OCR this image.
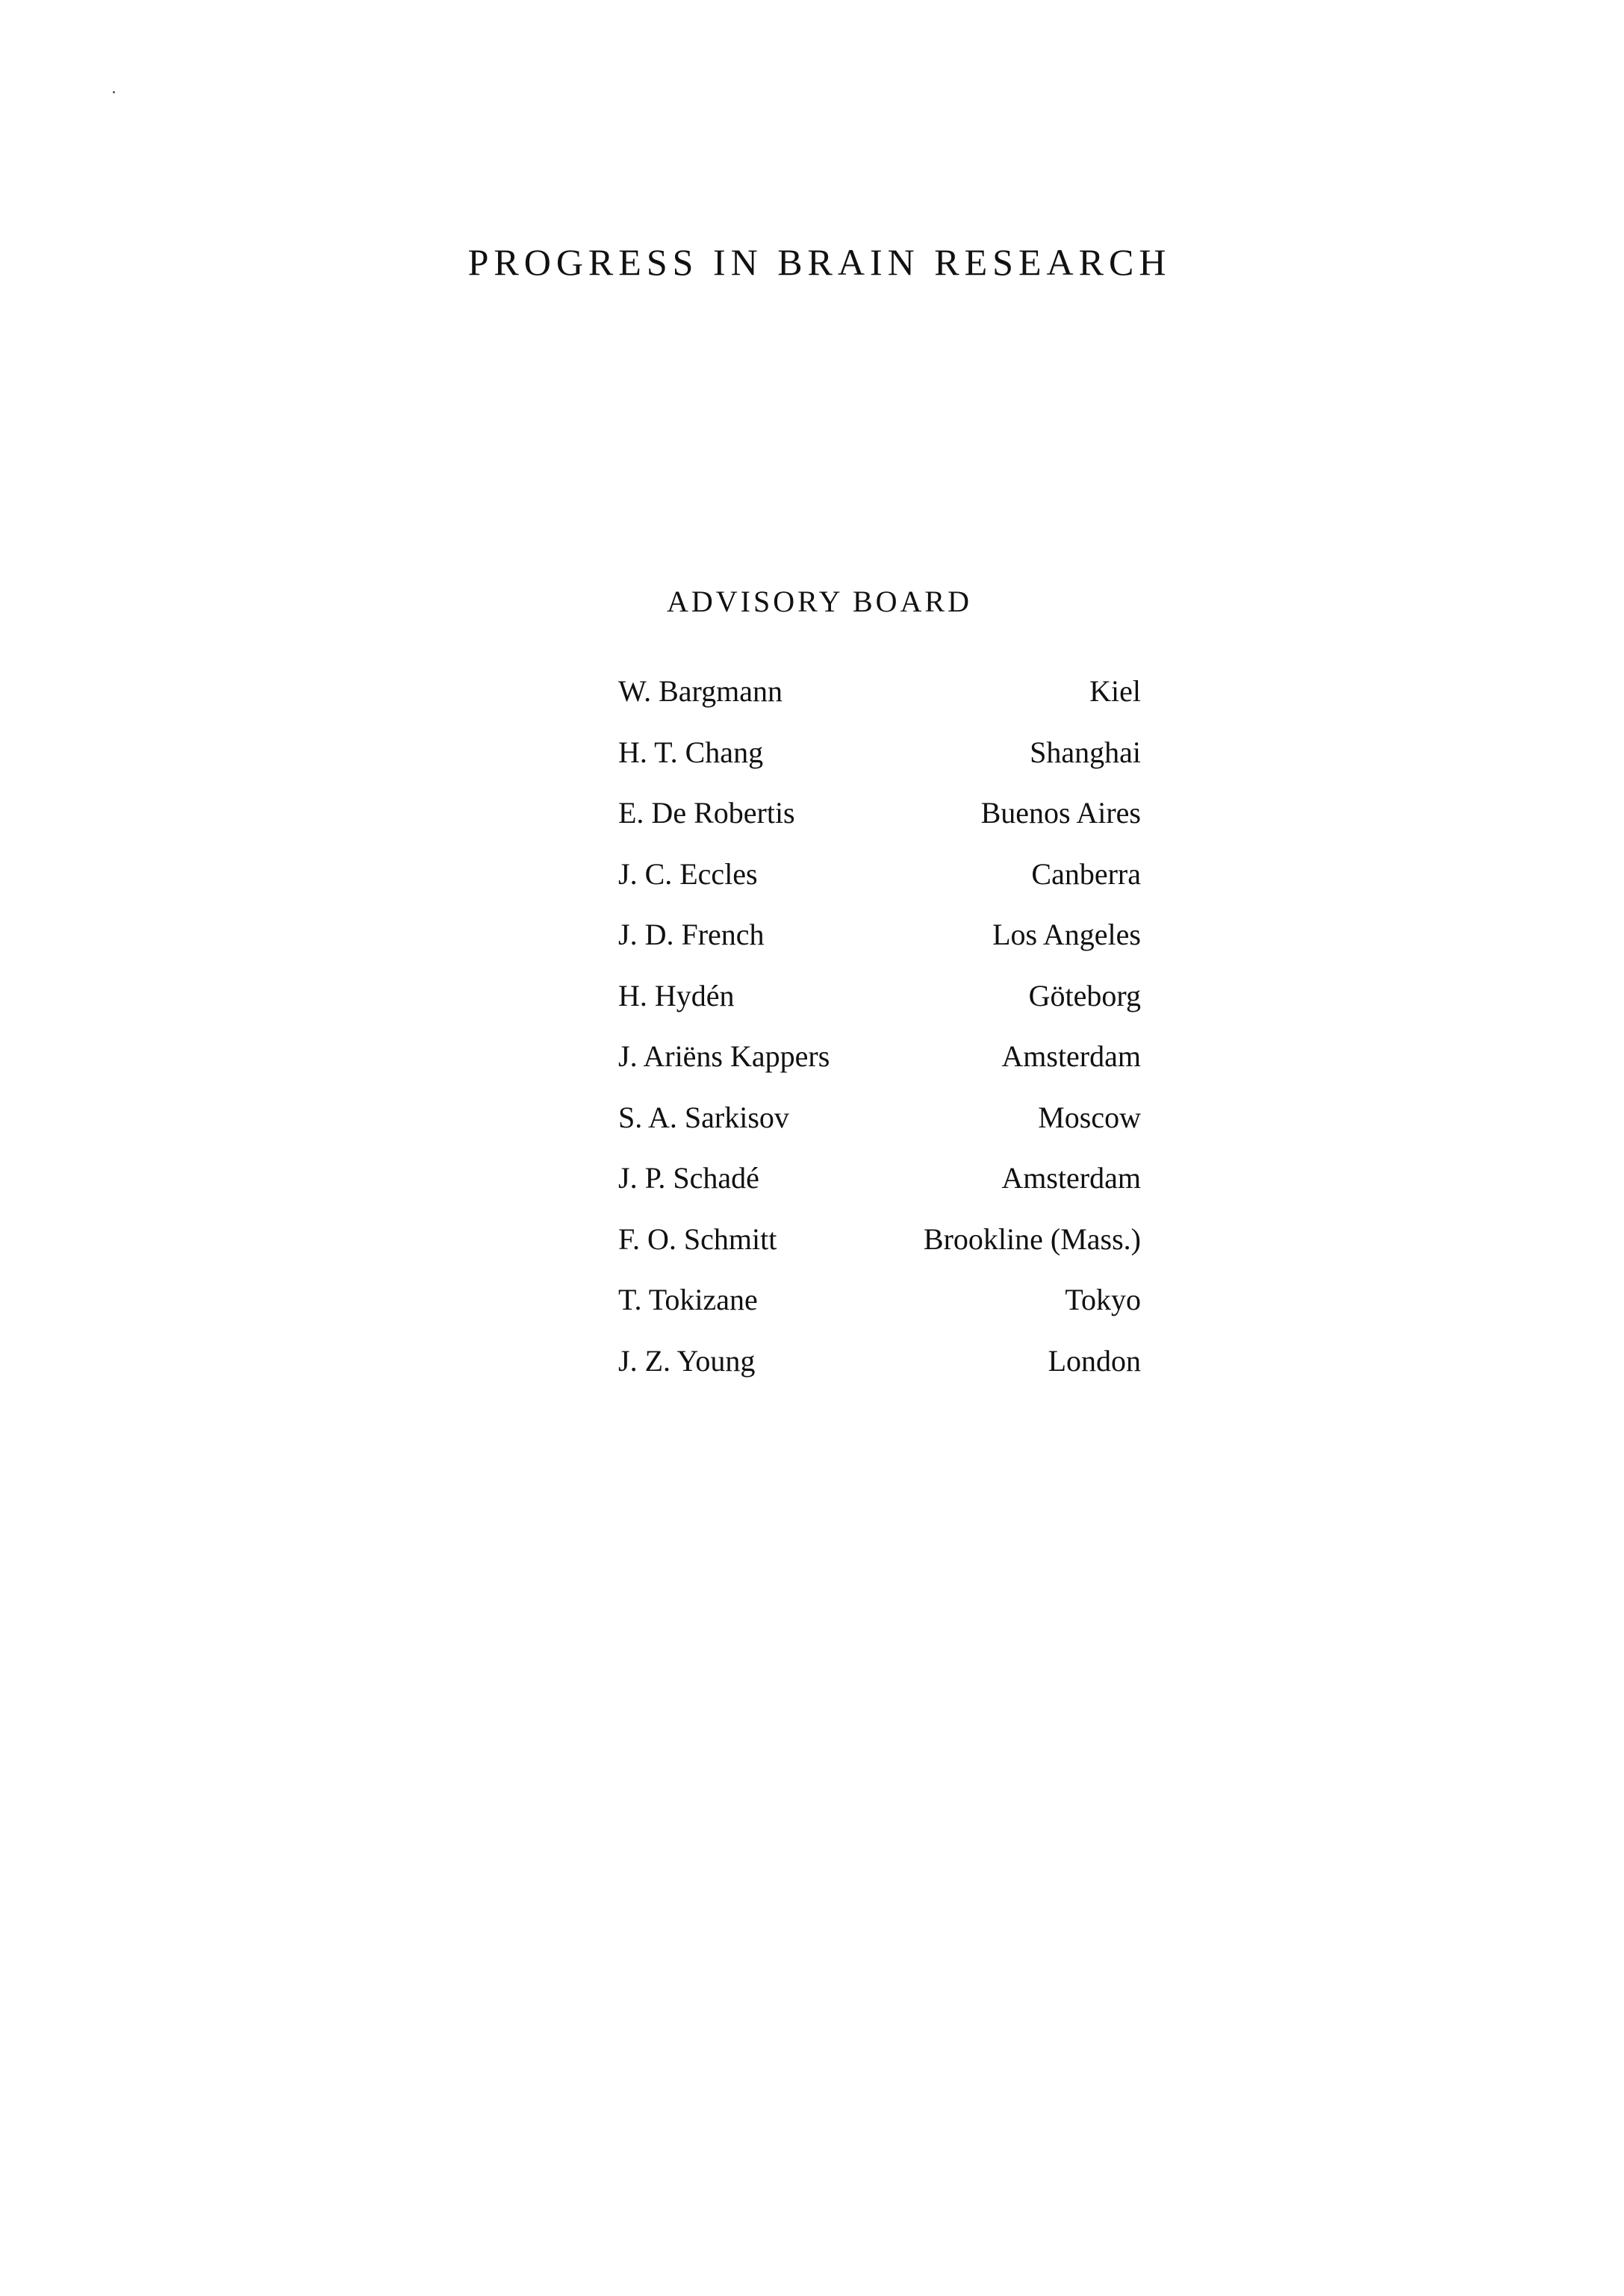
PROGRESS IN BRAIN RESEARCH
ADVISORY BOARD
W. Bargmann	Kiel
H. T. Chang	Shanghai
E. De Robertis	Buenos Aires
J. C. Eccles	Canberra
J. D. French	Los Angeles
H. Hydén	Göteborg
J. Ariëns Kappers	Amsterdam
S. A. Sarkisov	Moscow
J. P. Schadé	Amsterdam
F. O. Schmitt	Brookline (Mass.)
T. Tokizane	Tokyo
J. Z. Young	London
